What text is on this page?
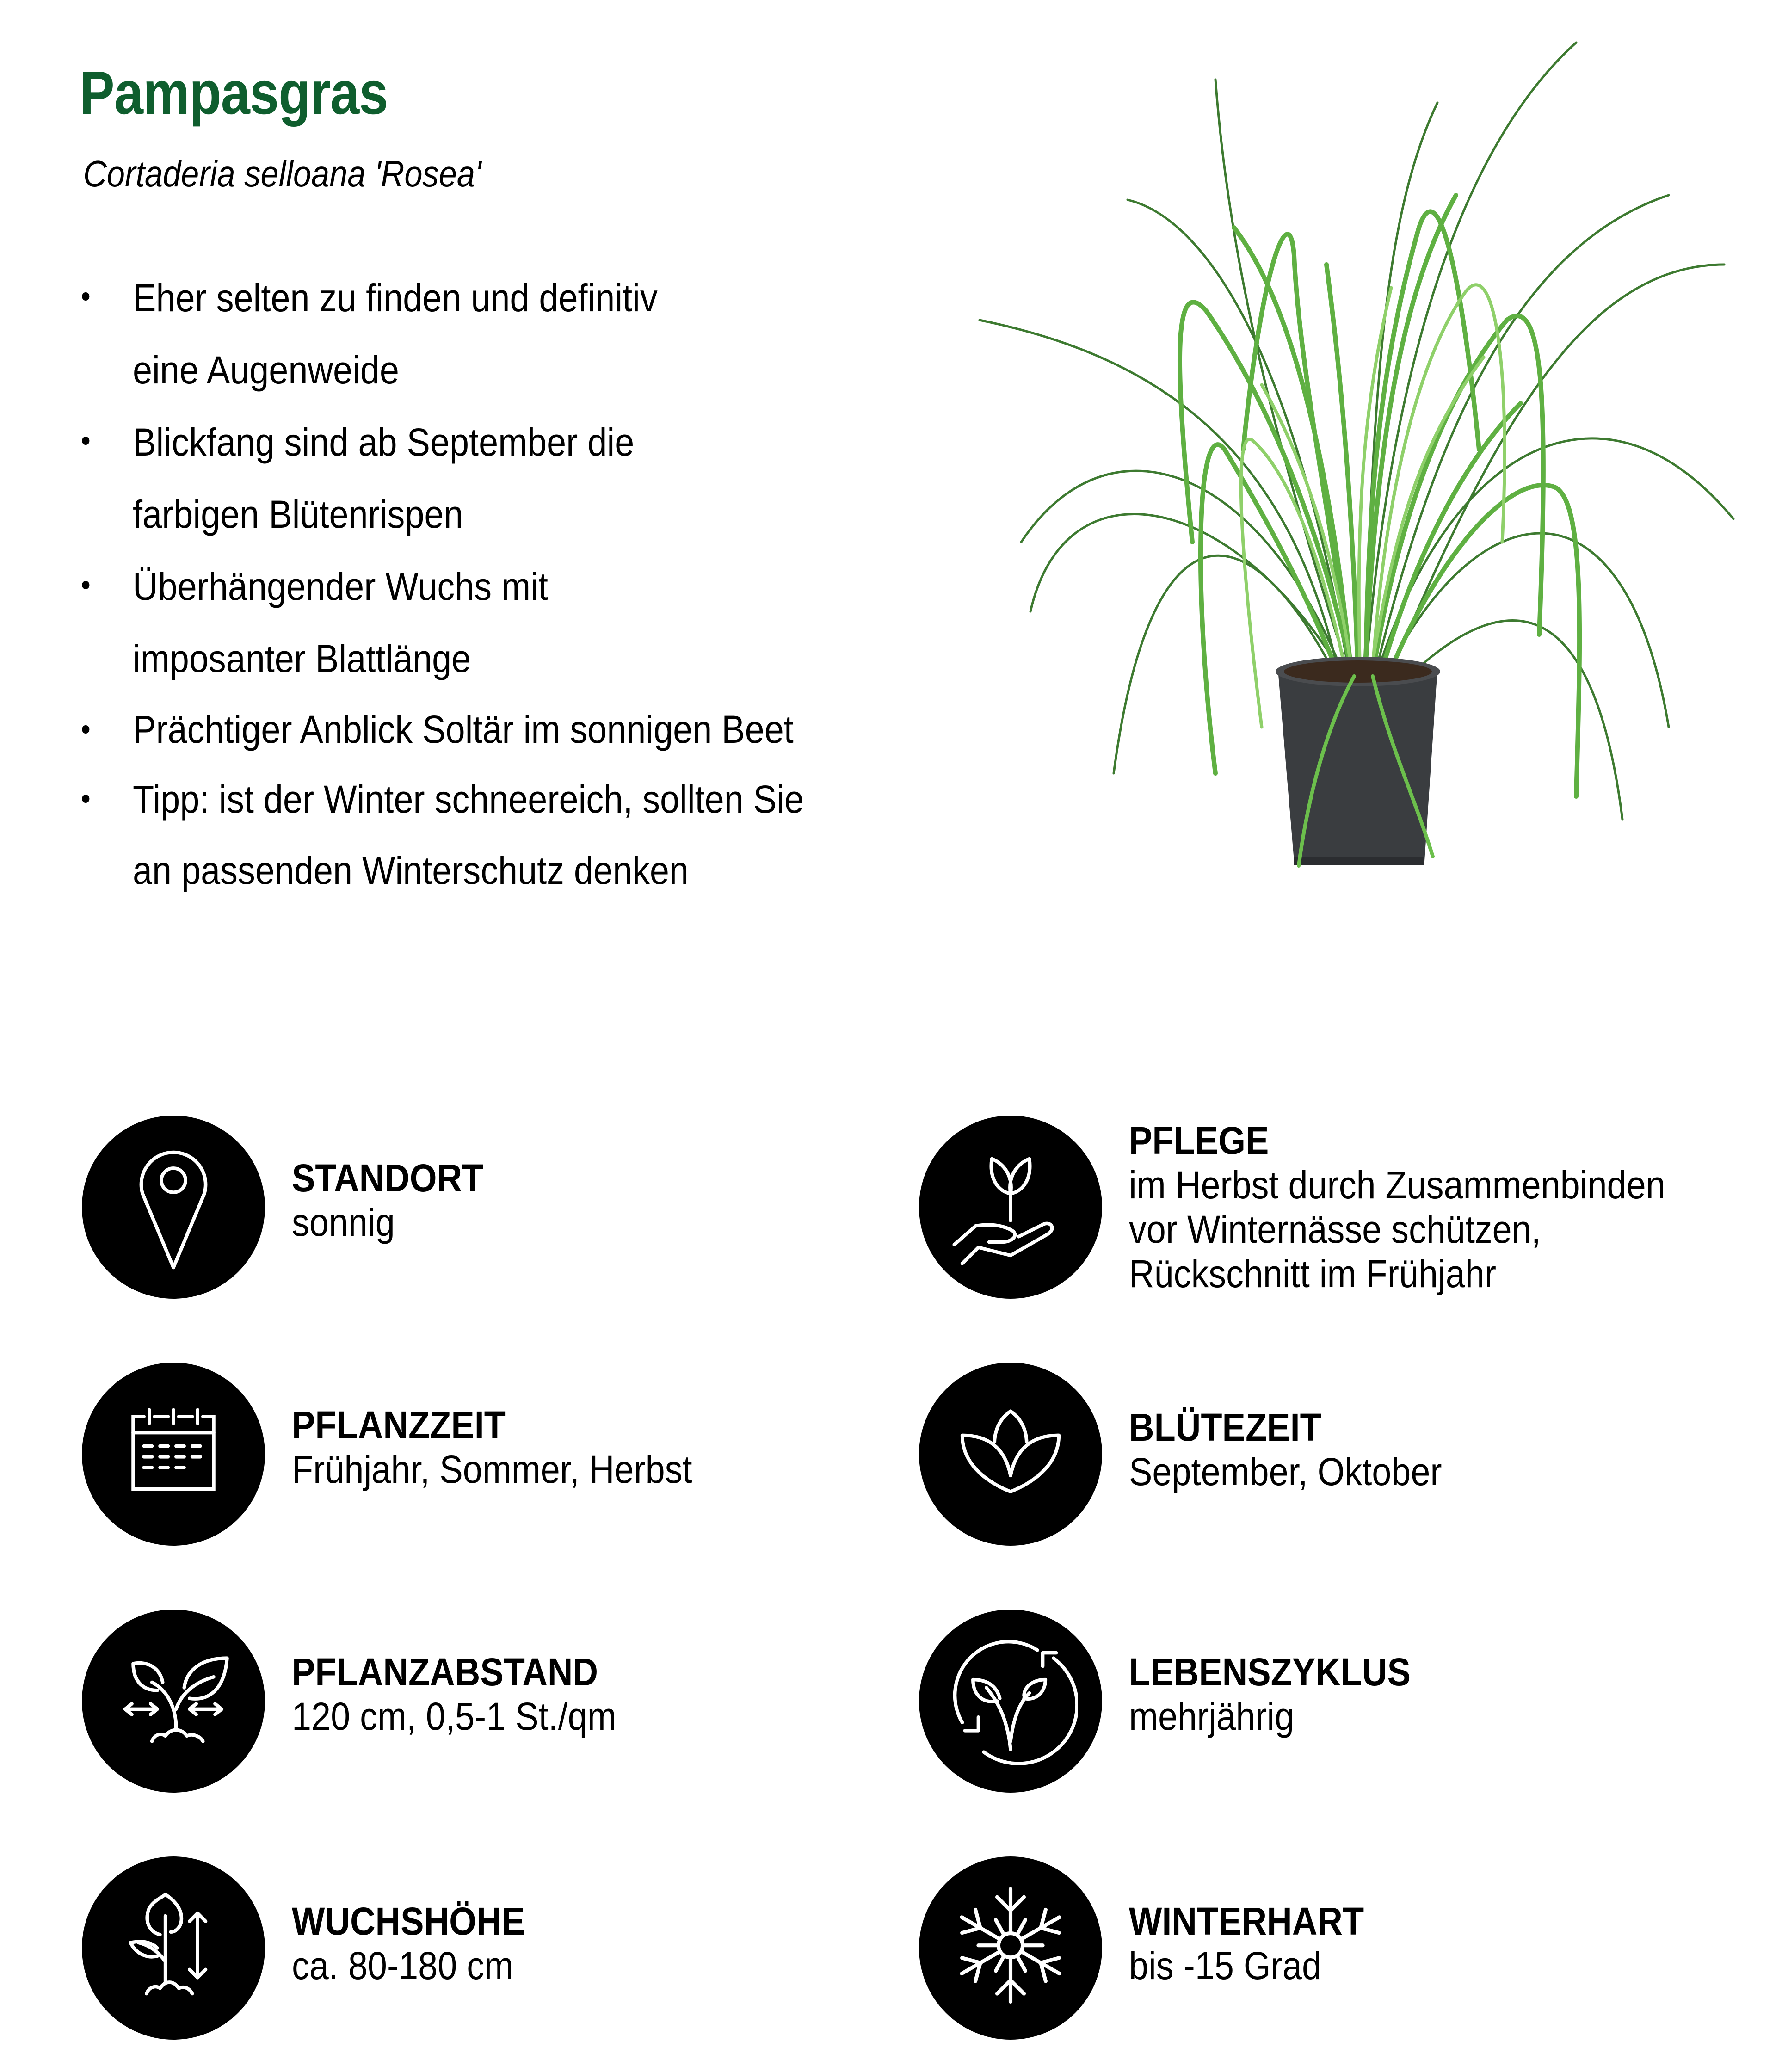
Pampasgras

Cortaderia selloana 'Rosea'

Eher selten zu finden und definitiv
eine Augenweide
Blickfang sind ab September die
farbigen Blütenrispen
Überhängender Wuchs mit
imposanter Blattlänge
Prächtiger Anblick Soltär im sonnigen Beet
Tipp: ist der Winter schneereich, sollten Sie
an passenden Winterschutz denken
STANDORT
sonnig
PFLEGE
im Herbst durch Zusammenbinden
vor Winternässe schützen,
Rückschnitt im Frühjahr
PFLANZZEIT
Frühjahr, Sommer, Herbst
BLÜTEZEIT
September, Oktober
PFLANZABSTAND
120 cm, 0,5-1 St./qm
LEBENSZYKLUS
mehrjährig
WUCHSHÖHE
ca. 80-180 cm
WINTERHART
bis -15 Grad
